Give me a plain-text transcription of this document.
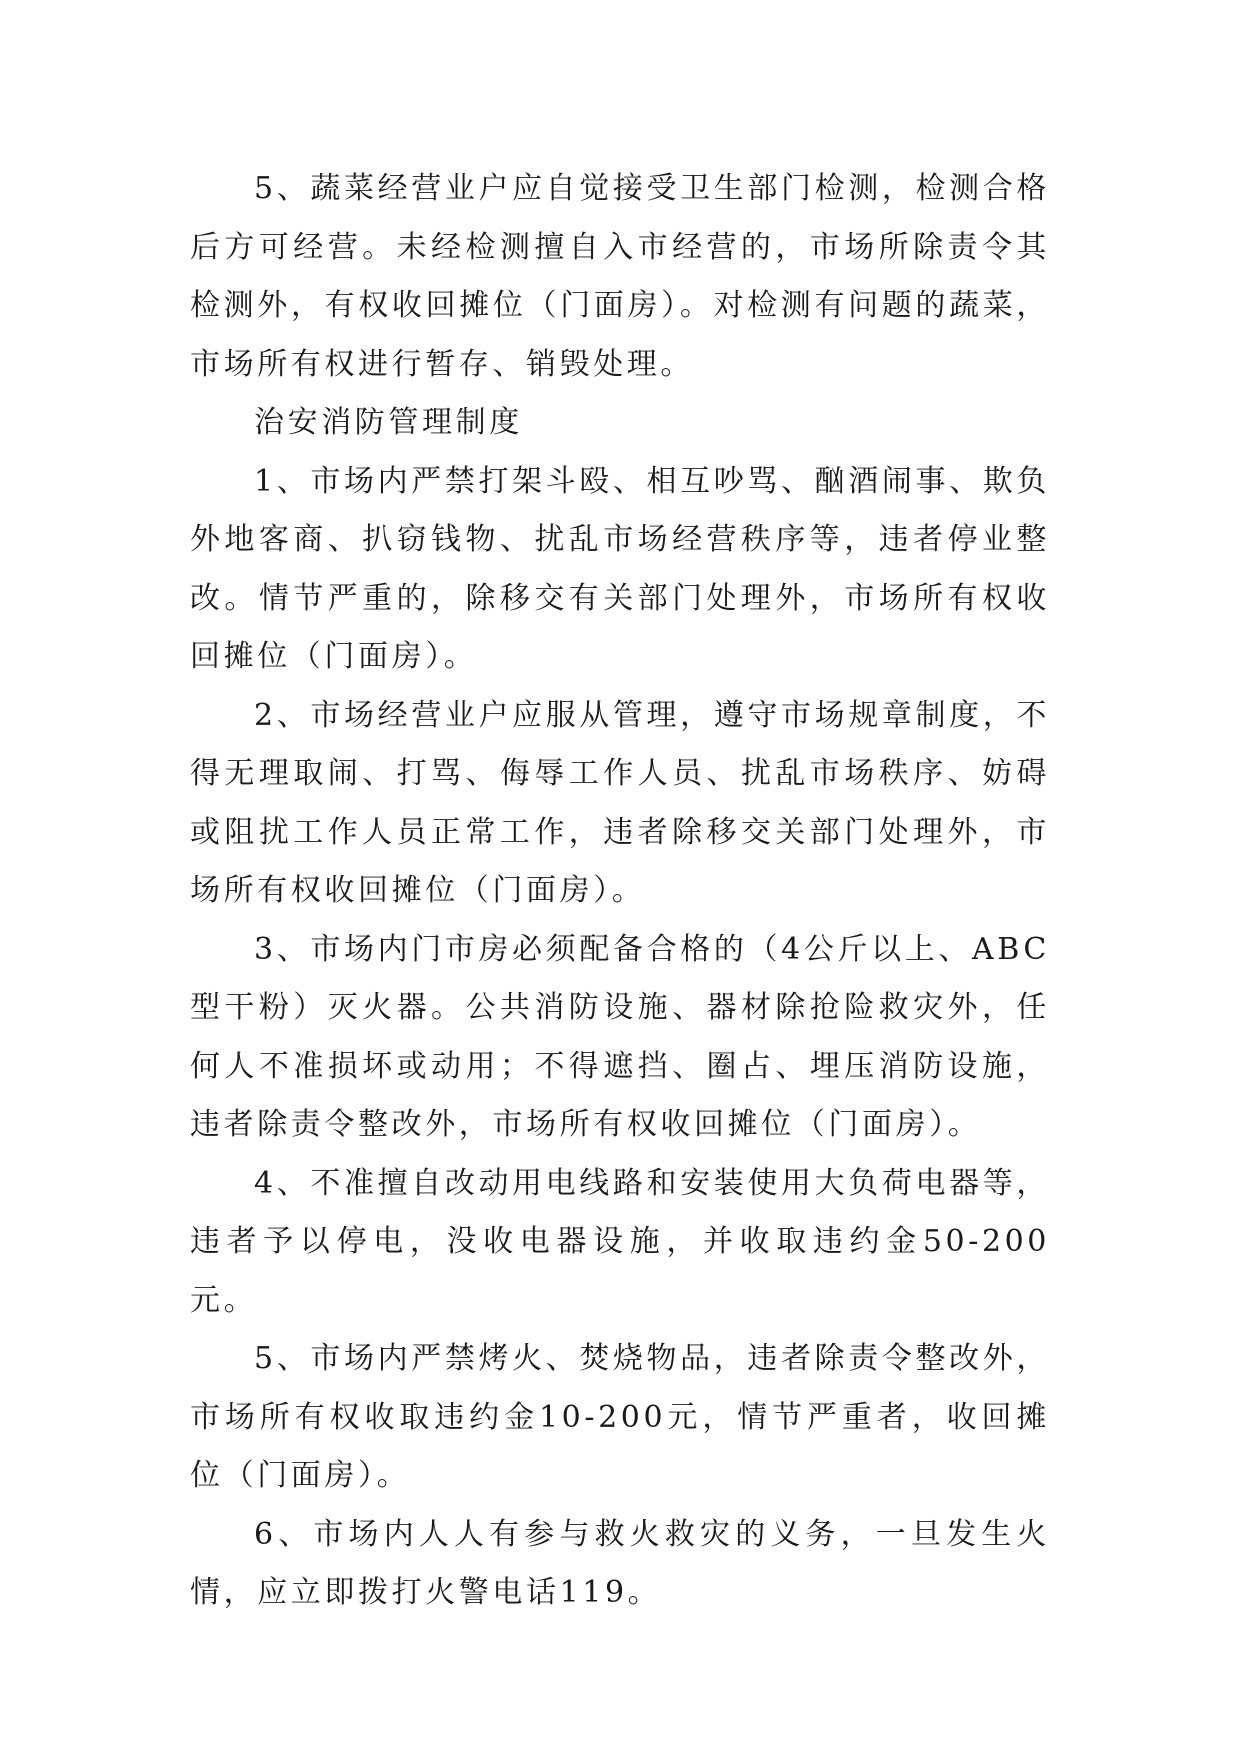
5、蔬菜经营业户应自觉接受卫生部门检测，检测合格后方可经营。未经检测擅自入市经营的，市场所除责令其检测外，有权收回摊位（门面房）。对检测有问题的蔬菜，市场所有权进行暂存、销毁处理。

治安消防管理制度

1、市场内严禁打架斗殴、相互吵骂、酗酒闹事、欺负外地客商、扒窃钱物、扰乱市场经营秩序等，违者停业整改。情节严重的，除移交有关部门处理外，市场所有权收回摊位（门面房）。

2、市场经营业户应服从管理，遵守市场规章制度，不得无理取闹、打骂、侮辱工作人员、扰乱市场秩序、妨碍或阻扰工作人员正常工作，违者除移交关部门处理外，市场所有权收回摊位（门面房）。

3、市场内门市房必须配备合格的（4公斤以上、ABC型干粉）灭火器。公共消防设施、器材除抢险救灾外，任何人不准损坏或动用；不得遮挡、圈占、埋压消防设施，违者除责令整改外，市场所有权收回摊位（门面房）。

4、不准擅自改动用电线路和安装使用大负荷电器等，违者予以停电，没收电器设施，并收取违约金50-200元。

5、市场内严禁烤火、焚烧物品，违者除责令整改外，市场所有权收取违约金10-200元，情节严重者，收回摊位（门面房）。

6、市场内人人有参与救火救灾的义务，一旦发生火情，应立即拨打火警电话119。
